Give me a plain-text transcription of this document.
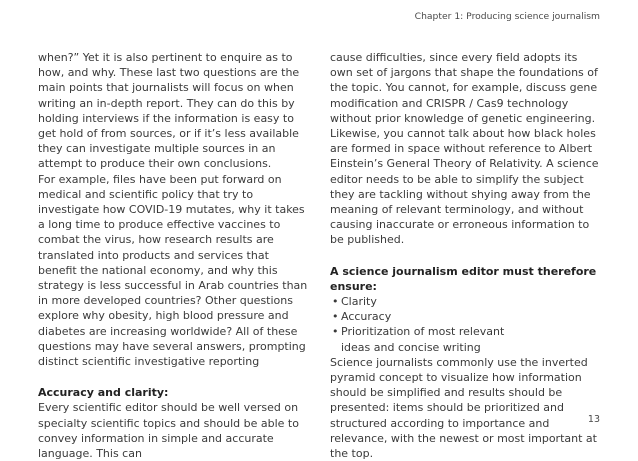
Chapter 1: Producing science journalism

when?” Yet it is also pertinent to enquire as to how, and why. These last two questions are the main points that journalists will focus on when writing an in-depth report. They can do this by holding interviews if the information is easy to get hold of from sources, or if it’s less available they can investigate multiple sources in an attempt to produce their own conclusions.

For example, files have been put forward on medical and scientific policy that try to investigate how COVID-19 mutates, why it takes a long time to produce effective vaccines to combat the virus, how research results are translated into products and services that benefit the national economy, and why this strategy is less successful in Arab countries than in more developed countries? Other questions explore why obesity, high blood pressure and diabetes are increasing worldwide? All of these questions may have several answers, prompting distinct scientific investigative reporting

Accuracy and clarity:

Every scientific editor should be well versed on specialty scientific topics and should be able to convey information in simple and accurate language. This can

cause difficulties, since every field adopts its own set of jargons that shape the foundations of the topic. You cannot, for example, discuss gene modification and CRISPR / Cas9 technology without prior knowledge of genetic engineering. Likewise, you cannot talk about how black holes are formed in space without reference to Albert Einstein’s General Theory of Relativity. A science editor needs to be able to simplify the subject they are tackling without shying away from the meaning of relevant terminology, and without causing inaccurate or erroneous information to be published.

A science journalism editor must therefore ensure:

• Clarity
• Accuracy
• Prioritization of most relevant ideas and concise writing

Science journalists commonly use the inverted pyramid concept to visualize how information should be simplified and results should be presented: items should be prioritized and structured according to importance and relevance, with the newest or most important at the top.

13
